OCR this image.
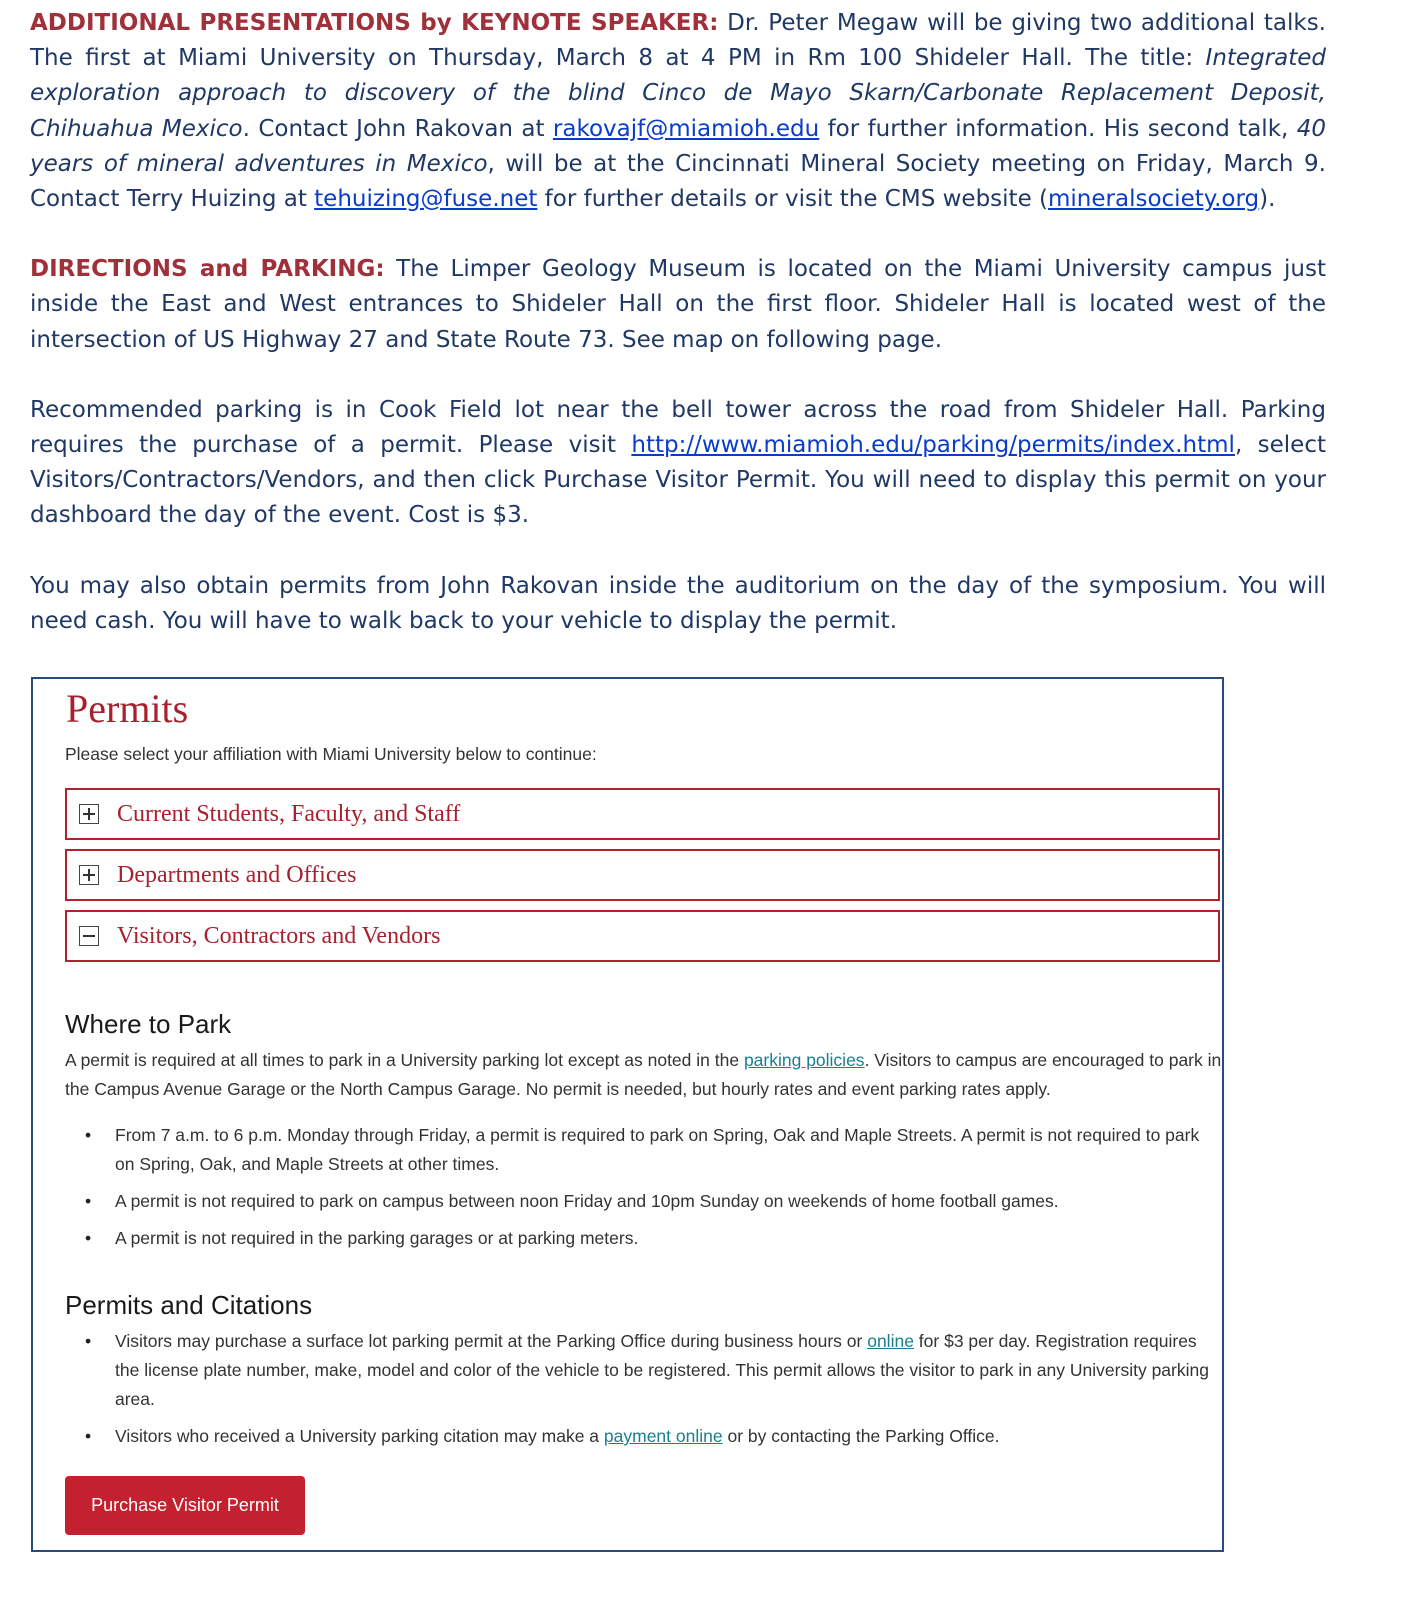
ADDITIONAL PRESENTATIONS by KEYNOTE SPEAKER: Dr. Peter Megaw will be giving two additional talks. The first at Miami University on Thursday, March 8 at 4 PM in Rm 100 Shideler Hall. The title: Integrated exploration approach to discovery of the blind Cinco de Mayo Skarn/Carbonate Replacement Deposit, Chihuahua Mexico. Contact John Rakovan at rakovajf@miamioh.edu for further information. His second talk, 40 years of mineral adventures in Mexico, will be at the Cincinnati Mineral Society meeting on Friday, March 9. Contact Terry Huizing at tehuizing@fuse.net for further details or visit the CMS website (mineralsociety.org).

DIRECTIONS and PARKING: The Limper Geology Museum is located on the Miami University campus just inside the East and West entrances to Shideler Hall on the first floor. Shideler Hall is located west of the intersection of US Highway 27 and State Route 73. See map on following page.

Recommended parking is in Cook Field lot near the bell tower across the road from Shideler Hall. Parking requires the purchase of a permit. Please visit http://www.miamioh.edu/parking/permits/index.html, select Visitors/Contractors/Vendors, and then click Purchase Visitor Permit. You will need to display this permit on your dashboard the day of the event. Cost is $3.

You may also obtain permits from John Rakovan inside the auditorium on the day of the symposium. You will need cash. You will have to walk back to your vehicle to display the permit.

Permits
Please select your affiliation with Miami University below to continue:
Current Students, Faculty, and Staff
Departments and Offices
Visitors, Contractors and Vendors
Where to Park

A permit is required at all times to park in a University parking lot except as noted in the parking policies. Visitors to campus are encouraged to park in the Campus Avenue Garage or the North Campus Garage. No permit is needed, but hourly rates and event parking rates apply.

• From 7 a.m. to 6 p.m. Monday through Friday, a permit is required to park on Spring, Oak and Maple Streets. A permit is not required to park on Spring, Oak, and Maple Streets at other times.
• A permit is not required to park on campus between noon Friday and 10pm Sunday on weekends of home football games.
• A permit is not required in the parking garages or at parking meters.
Permits and Citations
• Visitors may purchase a surface lot parking permit at the Parking Office during business hours or online for $3 per day. Registration requires the license plate number, make, model and color of the vehicle to be registered. This permit allows the visitor to park in any University parking area.
• Visitors who received a University parking citation may make a payment online or by contacting the Parking Office.
Purchase Visitor Permit
